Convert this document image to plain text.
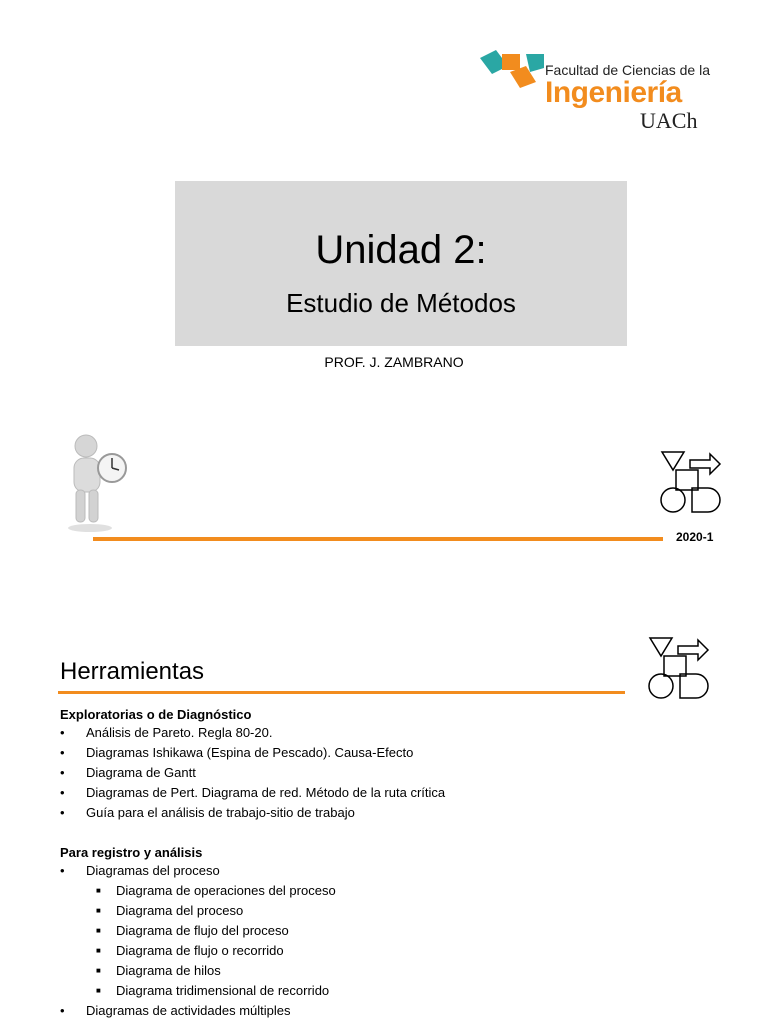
Facultad de Ciencias de la
Ingeniería
UACh
Unidad 2:
Estudio de Métodos
PROF. J. ZAMBRANO
2020-1
Herramientas
Exploratorias o de Diagnóstico
• Análisis de Pareto. Regla 80-20.
• Diagramas Ishikawa (Espina de Pescado). Causa-Efecto
• Diagrama de Gantt
• Diagramas de Pert. Diagrama de red. Método de la ruta crítica
• Guía para el análisis de trabajo-sitio de trabajo
Para registro y análisis
• Diagramas del proceso
■ Diagrama de operaciones del proceso
■ Diagrama del proceso
■ Diagrama de flujo del proceso
■ Diagrama de flujo o recorrido
■ Diagrama de hilos
■ Diagrama tridimensional de recorrido
• Diagramas de actividades múltiples
